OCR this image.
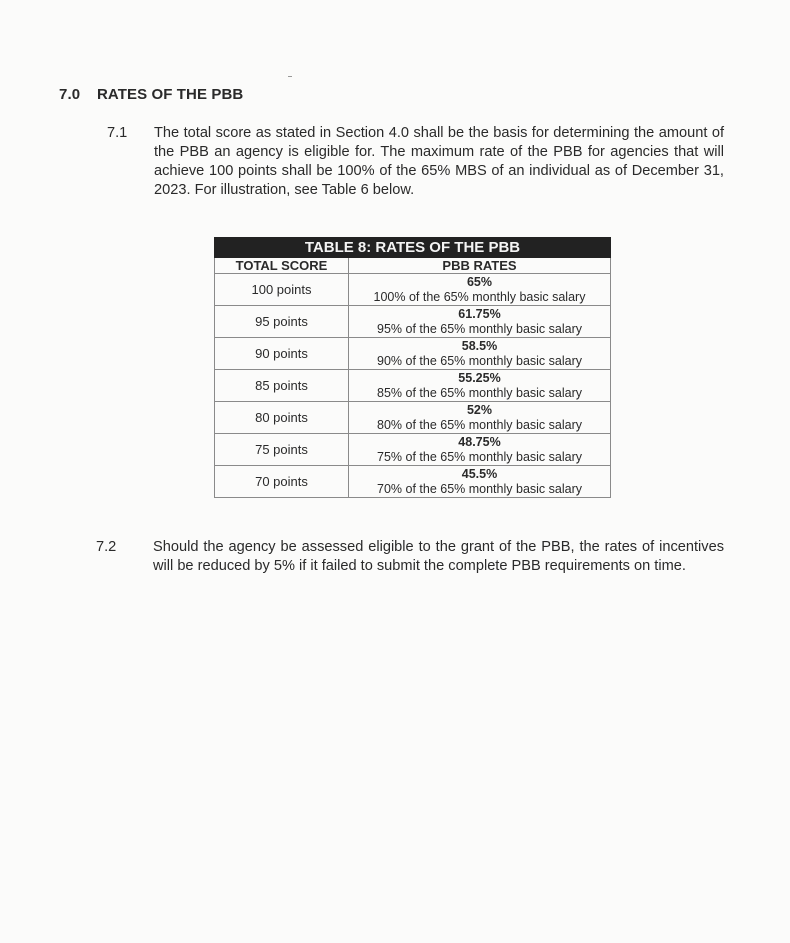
7.0 RATES OF THE PBB
7.1 The total score as stated in Section 4.0 shall be the basis for determining the amount of the PBB an agency is eligible for. The maximum rate of the PBB for agencies that will achieve 100 points shall be 100% of the 65% MBS of an individual as of December 31, 2023. For illustration, see Table 6 below.
TABLE 8: RATES OF THE PBB	
TOTAL SCORE	PBB RATES
100 points	65%
100% of the 65% monthly basic salary

95 points	61.75%
95% of the 65% monthly basic salary

90 points	58.5%
90% of the 65% monthly basic salary

85 points	55.25%
85% of the 65% monthly basic salary

80 points	52%
80% of the 65% monthly basic salary

75 points	48.75%
75% of the 65% monthly basic salary

70 points	45.5%
70% of the 65% monthly basic salary
7.2	Should the agency be assessed eligible to the grant of the PBB, the rates of incentives will be reduced by 5% if it failed to submit the complete PBB requirements on time.
